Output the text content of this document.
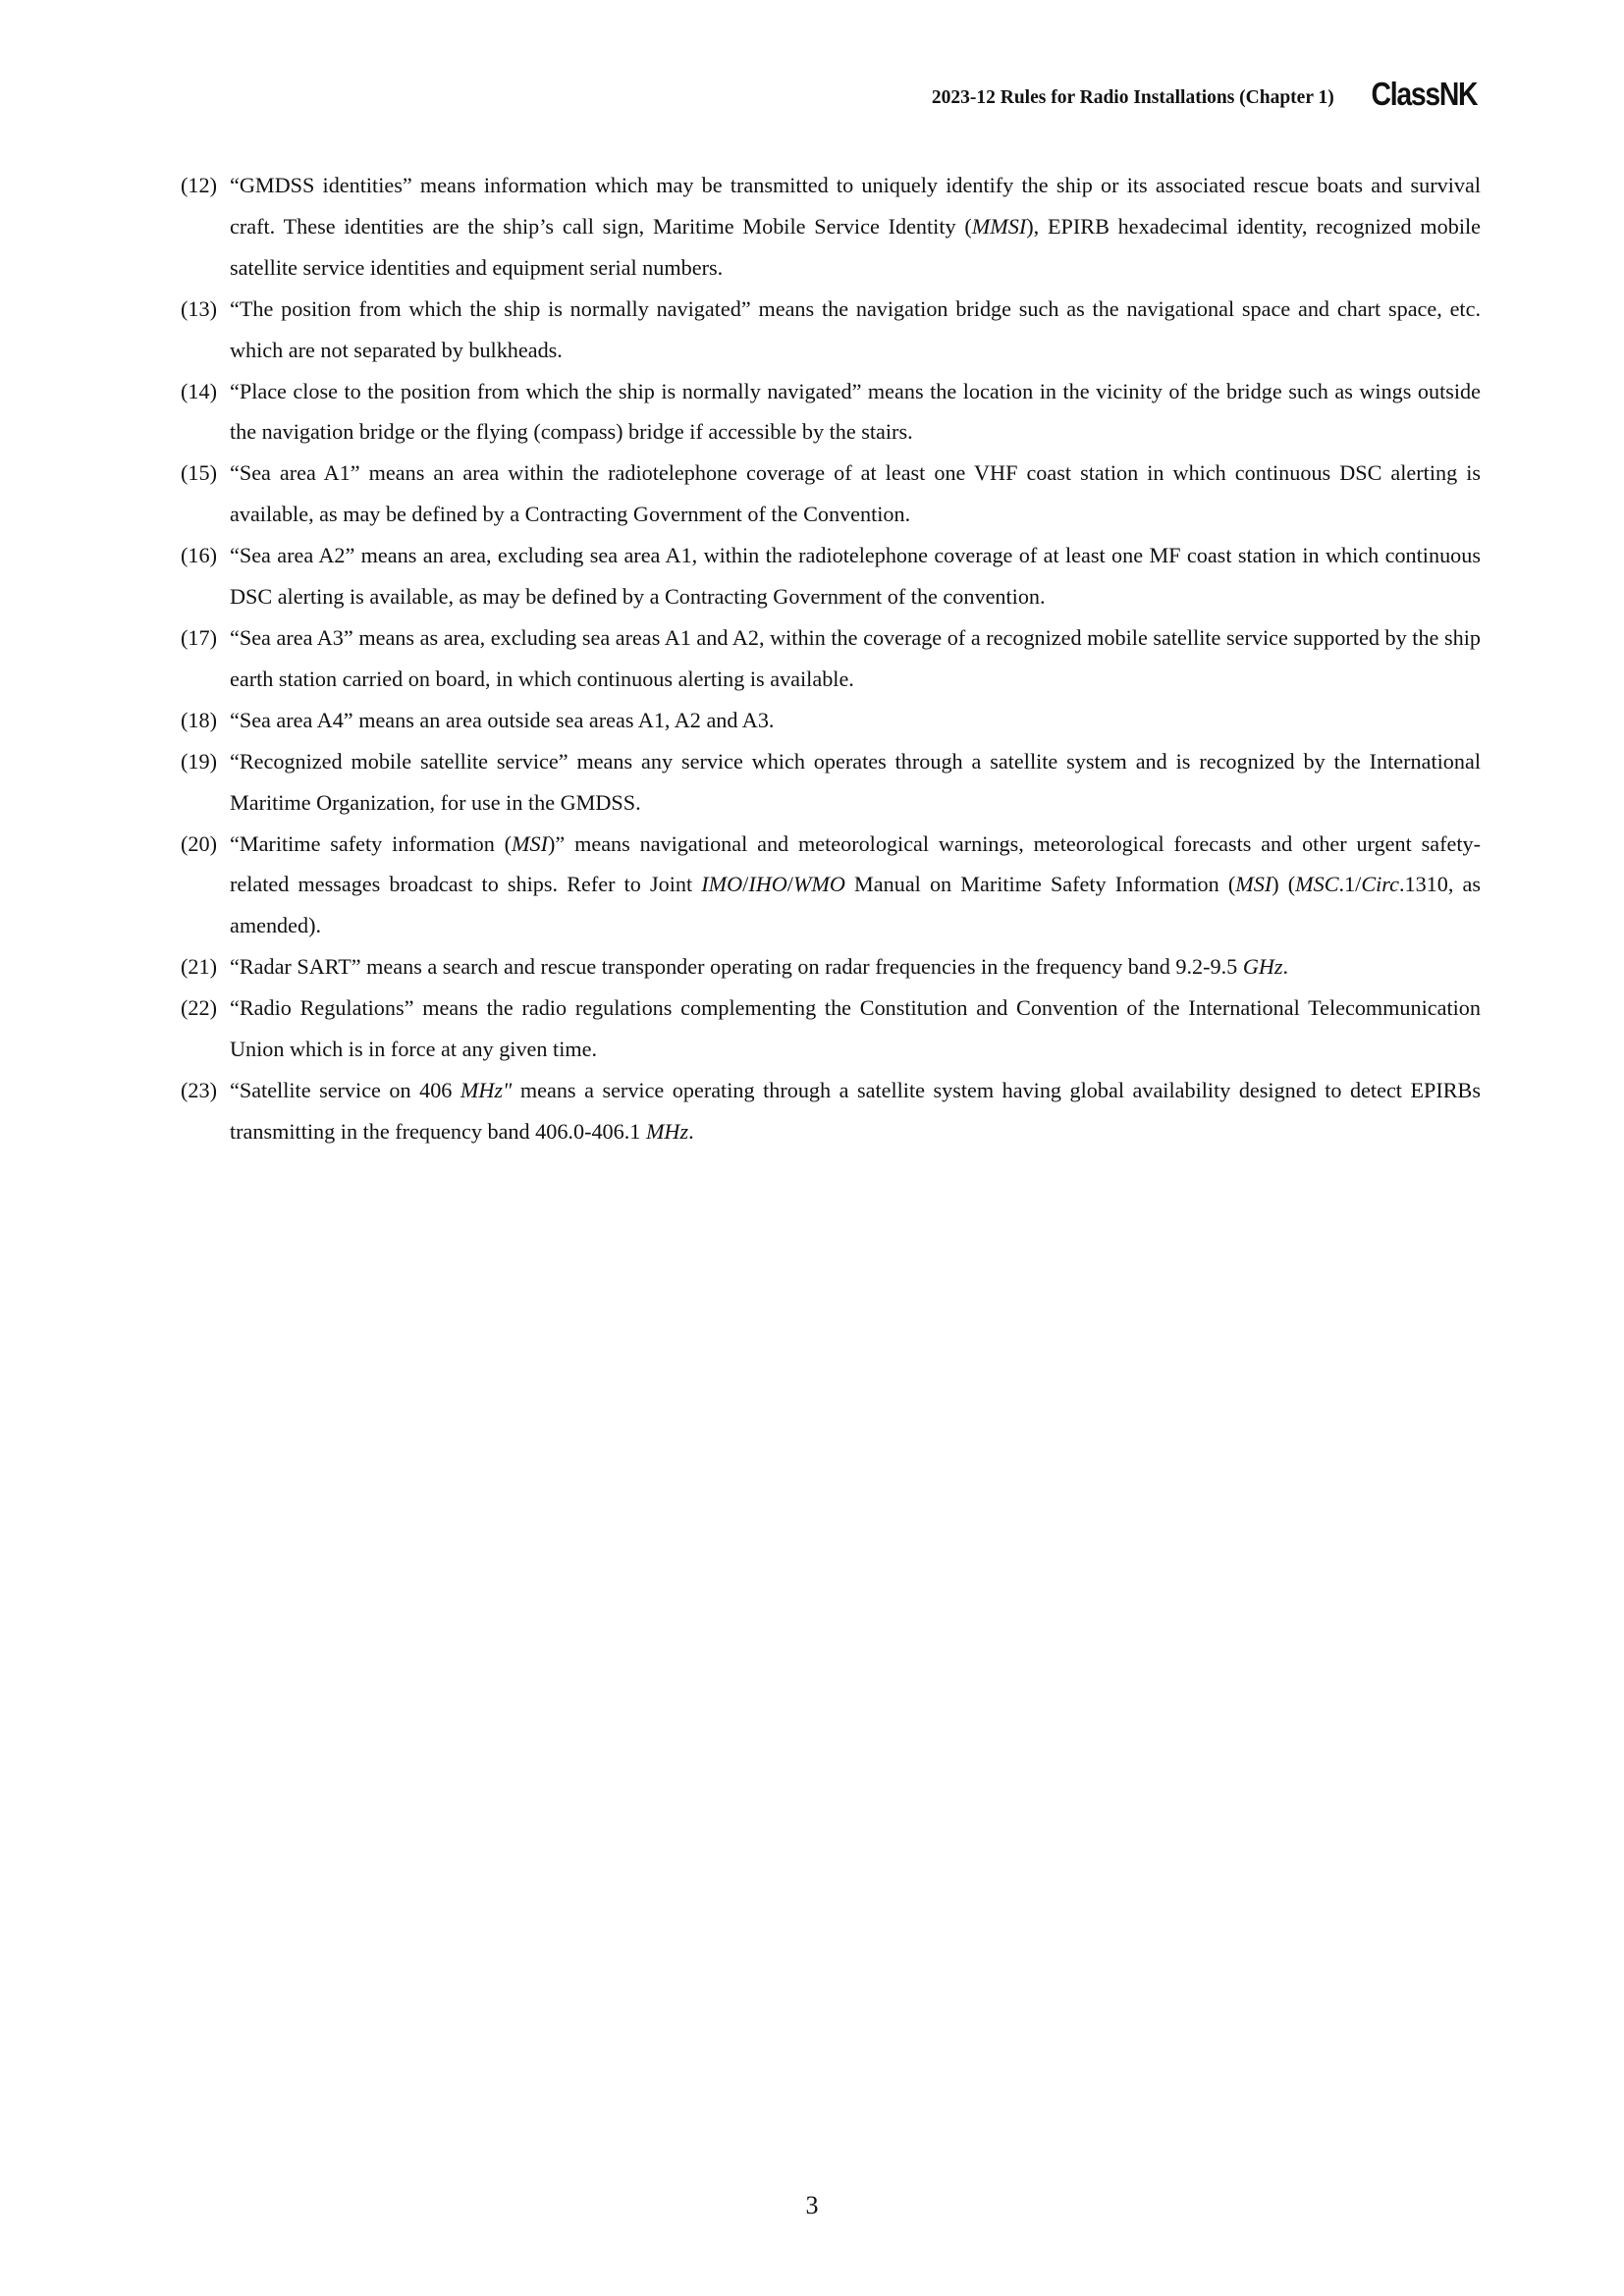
2023-12 Rules for Radio Installations (Chapter 1) ClassNK
(12) “GMDSS identities” means information which may be transmitted to uniquely identify the ship or its associated rescue boats and survival craft. These identities are the ship’s call sign, Maritime Mobile Service Identity (MMSI), EPIRB hexadecimal identity, recognized mobile satellite service identities and equipment serial numbers.
(13) “The position from which the ship is normally navigated” means the navigation bridge such as the navigational space and chart space, etc. which are not separated by bulkheads.
(14) “Place close to the position from which the ship is normally navigated” means the location in the vicinity of the bridge such as wings outside the navigation bridge or the flying (compass) bridge if accessible by the stairs.
(15) “Sea area A1” means an area within the radiotelephone coverage of at least one VHF coast station in which continuous DSC alerting is available, as may be defined by a Contracting Government of the Convention.
(16) “Sea area A2” means an area, excluding sea area A1, within the radiotelephone coverage of at least one MF coast station in which continuous DSC alerting is available, as may be defined by a Contracting Government of the convention.
(17) “Sea area A3” means as area, excluding sea areas A1 and A2, within the coverage of a recognized mobile satellite service supported by the ship earth station carried on board, in which continuous alerting is available.
(18) “Sea area A4” means an area outside sea areas A1, A2 and A3.
(19) “Recognized mobile satellite service” means any service which operates through a satellite system and is recognized by the International Maritime Organization, for use in the GMDSS.
(20) “Maritime safety information (MSI)” means navigational and meteorological warnings, meteorological forecasts and other urgent safety-related messages broadcast to ships. Refer to Joint IMO/IHO/WMO Manual on Maritime Safety Information (MSI) (MSC.1/Circ.1310, as amended).
(21) “Radar SART” means a search and rescue transponder operating on radar frequencies in the frequency band 9.2-9.5 GHz.
(22) “Radio Regulations” means the radio regulations complementing the Constitution and Convention of the International Telecommunication Union which is in force at any given time.
(23) “Satellite service on 406 MHz" means a service operating through a satellite system having global availability designed to detect EPIRBs transmitting in the frequency band 406.0-406.1 MHz.
3
